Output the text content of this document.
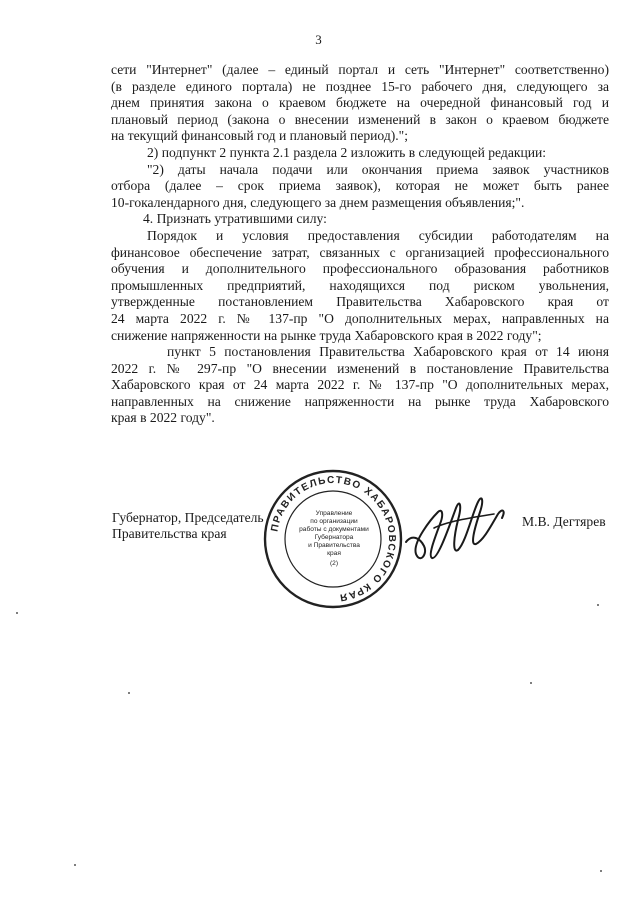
3
сети "Интернет" (далее – единый портал и сеть "Интернет" соответственно)
(в разделе единого портала) не позднее 15-го рабочего дня, следующего за
днем принятия закона о краевом бюджете на очередной финансовый год и
плановый период (закона о внесении изменений в закон о краевом бюджете
на текущий финансовый год и плановый период).";
2) подпункт 2 пункта 2.1 раздела 2 изложить в следующей редакции:
"2) даты начала подачи или окончания приема заявок участников
отбора (далее – срок приема заявок), которая не может быть ранее
10-гокалендарного дня, следующего за днем размещения объявления;".
4. Признать утратившими силу:
Порядок и условия предоставления субсидии работодателям на
финансовое обеспечение затрат, связанных с организацией профессионального
обучения и дополнительного профессионального образования работников
промышленных предприятий, находящихся под риском увольнения,
утвержденные постановлением Правительства Хабаровского края от
24 марта 2022 г. № 137-пр "О дополнительных мерах, направленных на
снижение напряженности на рынке труда Хабаровского края в 2022 году";
пункт 5 постановления Правительства Хабаровского края от 14 июня
2022 г. № 297-пр "О внесении изменений в постановление Правительства
Хабаровского края от 24 марта 2022 г. № 137-пр "О дополнительных мерах,
направленных на снижение напряженности на рынке труда Хабаровского
края в 2022 году".
Губернатор, Председатель
Правительства края	ПРАВИТЕЛЬСТВО ХАБАРОВСКОГО КРАЯ
Управление
по организации
работы с документами
Губернатора
и Правительства
края
(2)
М.В. Дегтярев
